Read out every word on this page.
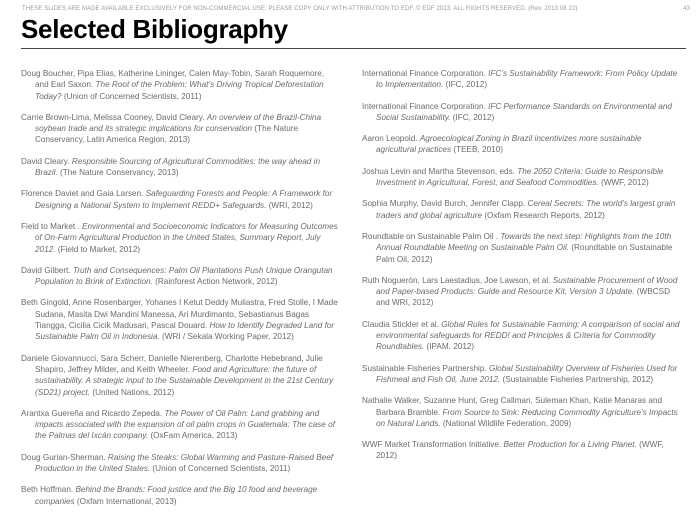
THESE SLIDES ARE MADE AVAILABLE EXCLUSIVELY FOR NON-COMMERCIAL USE. PLEASE COPY ONLY WITH ATTRIBUTION TO EDF. © EDF 2013. ALL RIGHTS RESERVED. (Rev. 2013 08 22)	43
Selected Bibliography
Doug Boucher, Pipa Elias, Katherine Lininger, Calen May-Tobin, Sarah Roquemore, and Earl Saxon. The Root of the Problem: What’s Driving Tropical Deforestation Today? (Union of Concerned Scientists, 2011)
Carrie Brown-Lima, Melissa Cooney, David Cleary. An overview of the Brazil-China soybean trade and its strategic implications for conservation (The Nature Conservancy, Latin America Region, 2013)
David Cleary. Responsible Sourcing of Agricultural Commodities: the way ahead in Brazil. (The Nature Conservancy, 2013)
Florence Daviet and Gaia Larsen. Safeguarding Forests and People: A Framework for Designing a National System to Implement REDD+ Safeguards. (WRI, 2012)
Field to Market . Environmental and Socioeconomic Indicators for Measuring Outcomes of On-Farm Agricultural Production in the United States, Summary Report, July 2012. (Field to Market, 2012)
David Gilbert. Truth and Consequences: Palm Oil Plantations Push Unique Orangutan Population to Brink of Extinction. (Rainforest Action Network, 2012)
Beth Gingold, Anne Rosenbarger, Yohanes I Ketut Deddy Muliastra, Fred Stolle, I Made Sudana, Masita Dwi Mandini Manessa, Ari Murdimanto, Sebastianus Bagas Tiangga, Cicilia Cicik Madusari, Pascal Douard. How to Identify Degraded Land for Sustainable Palm Oil in Indonesia. (WRI / Sekala Working Paper, 2012)
Daniele Giovannucci, Sara Scherr, Danielle Nierenberg, Charlotte Hebebrand, Julie Shapiro, Jeffrey Milder, and Keith Wheeler. Food and Agriculture: the future of sustainability. A strategic input to the Sustainable Development in the 21st Century (SD21) project. (United Nations, 2012)
Arantxa Guereña and Ricardo Zepeda. The Power of Oil Palm: Land grabbing and impacts associated with the expansion of oil palm crops in Guatemala: The case of the Palmas del Ixcán company. (OxFam America, 2013)
Doug Gurian-Sherman. Raising the Steaks: Global Warming and Pasture-Raised Beef Production in the United States. (Union of Concerned Scientists, 2011)
Beth Hoffman. Behind the Brands: Food justice and the Big 10 food and beverage companies (Oxfam International, 2013)
International Finance Corporation. IFC’s Sustainability Framework: From Policy Update to Implementation. (IFC, 2012)
International Finance Corporation. IFC Performance Standards on Environmental and Social Sustainability. (IFC, 2012)
Aaron Leopold. Agroecological Zoning in Brazil incentivizes more sustainable agricultural practices (TEEB, 2010)
Joshua Levin and Martha Stevenson, eds. The 2050 Criteria: Guide to Responsible Investment in Agricultural, Forest, and Seafood Commodities. (WWF, 2012)
Sophia Murphy, David Burch, Jennifer Clapp. Cereal Secrets: The world’s largest grain traders and global agriculture (Oxfam Research Reports, 2012)
Roundtable on Sustainable Palm Oil . Towards the next step: Highlights from the 10th Annual Roundtable Meeting on Sustainable Palm Oil. (Roundtable on Sustainable Palm Oil, 2012)
Ruth Noguerón, Lars Laestadius, Joe Lawson, et al. Sustainable Procurement of Wood and Paper-based Products: Guide and Resource Kit, Version 3 Update. (WBCSD and WRI, 2012)
Claudia Stickler et al. Global Rules for Sustainable Farming: A comparison of social and environmental safeguards for REDD! and Principles & Criteria for Commodity Roundtables. (IPAM, 2012)
Sustainable Fisheries Partnership. Global Sustainability Overview of Fisheries Used for Fishmeal and Fish Oil, June 2012. (Sustainable Fisheries Partnership, 2012)
Nathalie Walker, Suzanne Hunt, Greg Callman, Suleman Khan, Katie Manaras and Barbara Bramble. From Source to Sink: Reducing Commodity Agriculture’s Impacts on Natural Lands. (National Wildlife Federation, 2009)
WWF Market Transformation Initiative. Better Production for a Living Planet. (WWF, 2012)
